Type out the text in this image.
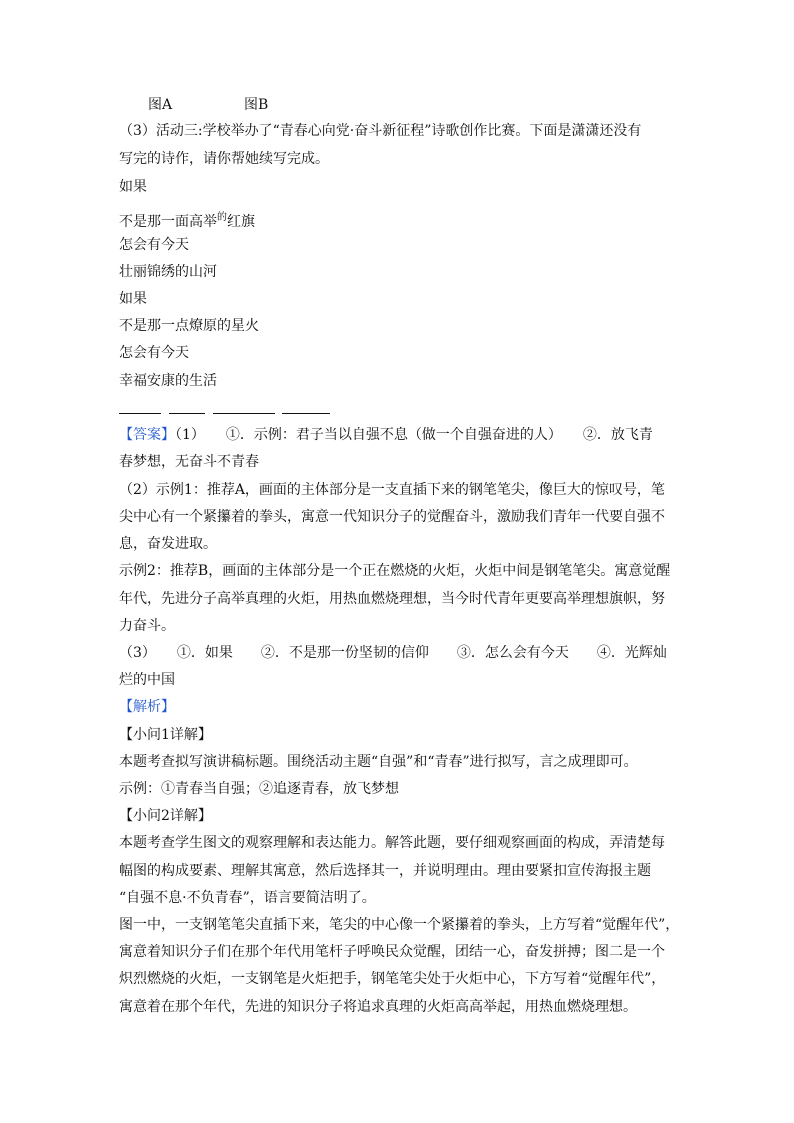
图A	图B
（3）活动三:学校举办了“青春心向党·奋斗新征程”诗歌创作比赛。下面是潇潇还没有
写完的诗作，请你帮她续写完成。
如果
不是那一面高举$^的$红旗
怎会有今天
壮丽锦绣的山河
如果
不是那一点燎原的星火
怎会有今天
幸福安康的生活
【答案】（1）　　①．示例：君子当以自强不息（做一个自强奋进的人）　　②．放飞青
春梦想，无奋斗不青春
（2）示例1：推荐A，画面的主体部分是一支直插下来的钢笔笔尖，像巨大的惊叹号，笔
尖中心有一个紧攥着的拳头，寓意一代知识分子的觉醒奋斗，激励我们青年一代要自强不
息，奋发进取。
示例2：推荐B，画面的主体部分是一个正在燃烧的火炬，火炬中间是钢笔笔尖。寓意觉醒
年代，先进分子高举真理的火炬，用热血燃烧理想，当今时代青年更要高举理想旗帜，努
力奋斗。
（3）　　①．如果　　②．不是那一份坚韧的信仰　　③．怎么会有今天　　④．光辉灿
烂的中国
【解析】
【小问1详解】
本题考查拟写演讲稿标题。围绕活动主题“自强”和“青春”进行拟写，言之成理即可。
示例：①青春当自强；②追逐青春，放飞梦想
【小问2详解】
本题考查学生图文的观察理解和表达能力。解答此题，要仔细观察画面的构成，弄清楚每
幅图的构成要素、理解其寓意，然后选择其一，并说明理由。理由要紧扣宣传海报主题
“自强不息·不负青春”，语言要简洁明了。
图一中，一支钢笔笔尖直插下来，笔尖的中心像一个紧攥着的拳头，上方写着“觉醒年代”，
寓意着知识分子们在那个年代用笔杆子呼唤民众觉醒，团结一心，奋发拼搏；图二是一个
炽烈燃烧的火炬，一支钢笔是火炬把手，钢笔笔尖处于火炬中心，下方写着“觉醒年代”，
寓意着在那个年代，先进的知识分子将追求真理的火炬高高举起，用热血燃烧理想。
